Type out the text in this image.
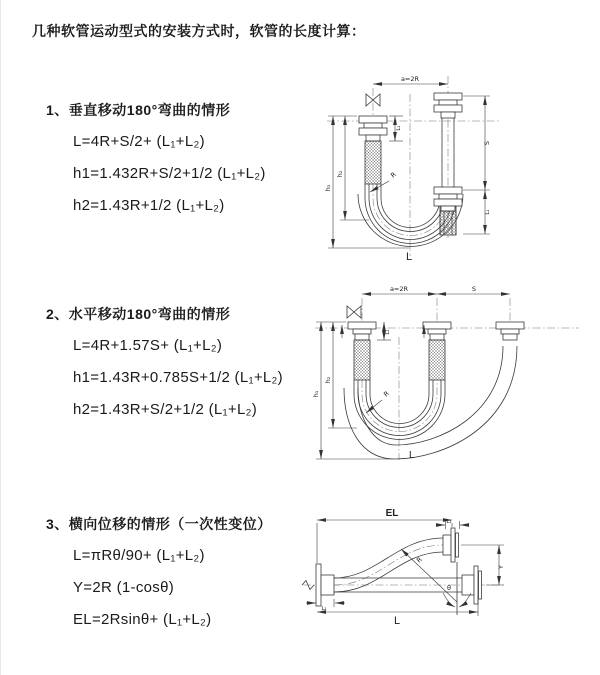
几种软管运动型式的安装方式时，软管的长度计算：
1、垂直移动180°弯曲的情形
L=4R+S/2+ (L₁+L₂)
h1=1.432R+S/2+1/2 (L₁+L₂)
h2=1.43R+1/2 (L₁+L₂)
2、水平移动180°弯曲的情形
L=4R+1.57S+ (L₁+L₂)
h1=1.43R+0.785S+1/2 (L₁+L₂)
h2=1.43R+S/2+1/2 (L₁+L₂)
3、横向位移的情形（一次性变位）
L=πRθ/90+ (L₁+L₂)
Y=2R (1-cosθ)
EL=2Rsinθ+ (L₁+L₂)
a=2R
h₁
h₂
L₁
S
L₁
R
L
a=2R	S
h₁
h₂
L₁
R
L
θ
R
EL
L₁
Y
L₁
L
